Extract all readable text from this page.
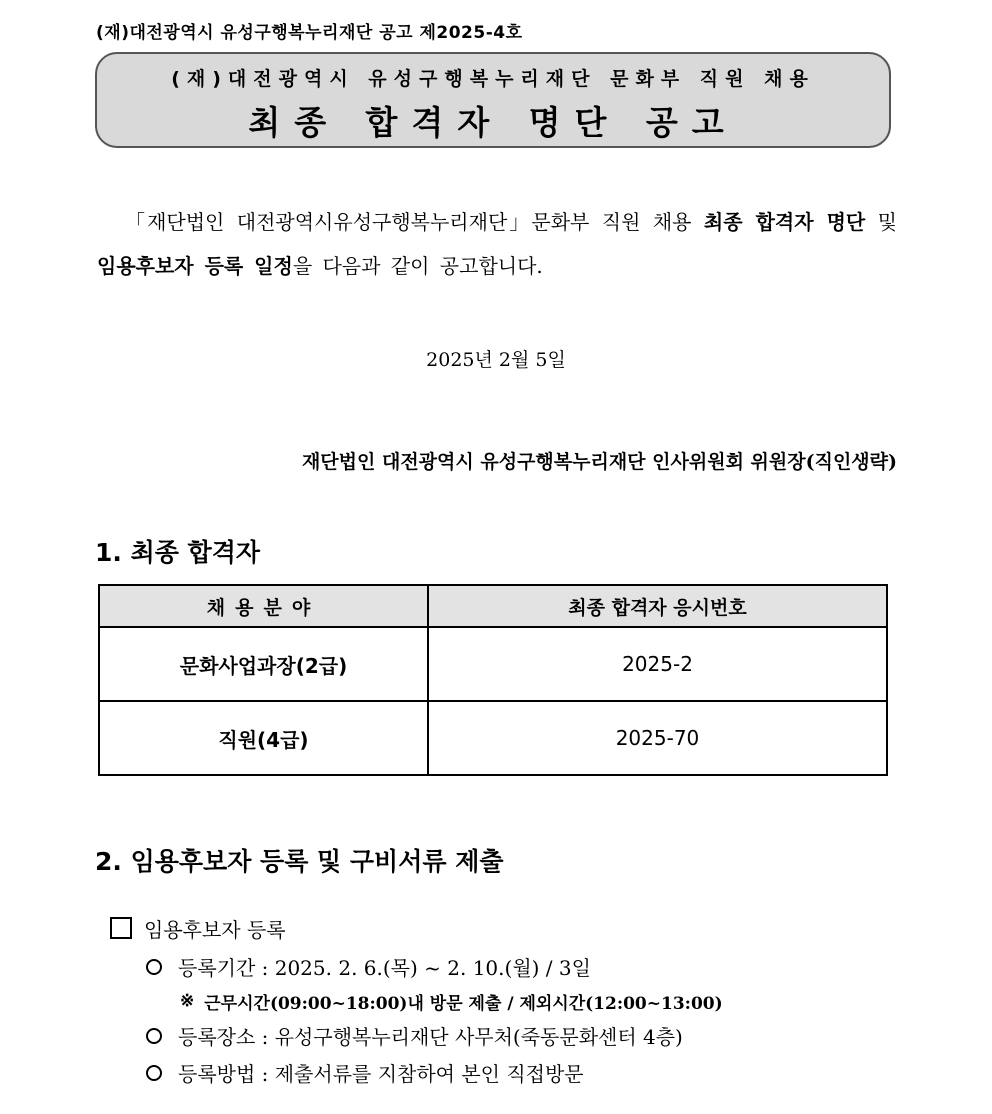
(재)대전광역시 유성구행복누리재단 공고 제2025-4호
(재)대전광역시 유성구행복누리재단 문화부 직원 채용
최종 합격자 명단 공고
「재단법인 대전광역시유성구행복누리재단」문화부 직원 채용 최종 합격자 명단 및 임용후보자 등록 일정을 다음과 같이 공고합니다.
2025년 2월 5일
재단법인 대전광역시 유성구행복누리재단 인사위원회 위원장(직인생략)
1. 최종 합격자
채용분야	최종 합격자 응시번호
문화사업과장(2급)	2025-2
직원(4급)	2025-70
2. 임용후보자 등록 및 구비서류 제출
임용후보자 등록
등록기간 : 2025. 2. 6.(목) ~ 2. 10.(월) / 3일
※ 근무시간(09:00~18:00)내 방문 제출 / 제외시간(12:00~13:00)
등록장소 : 유성구행복누리재단 사무처(죽동문화센터 4층)
등록방법 : 제출서류를 지참하여 본인 직접방문
